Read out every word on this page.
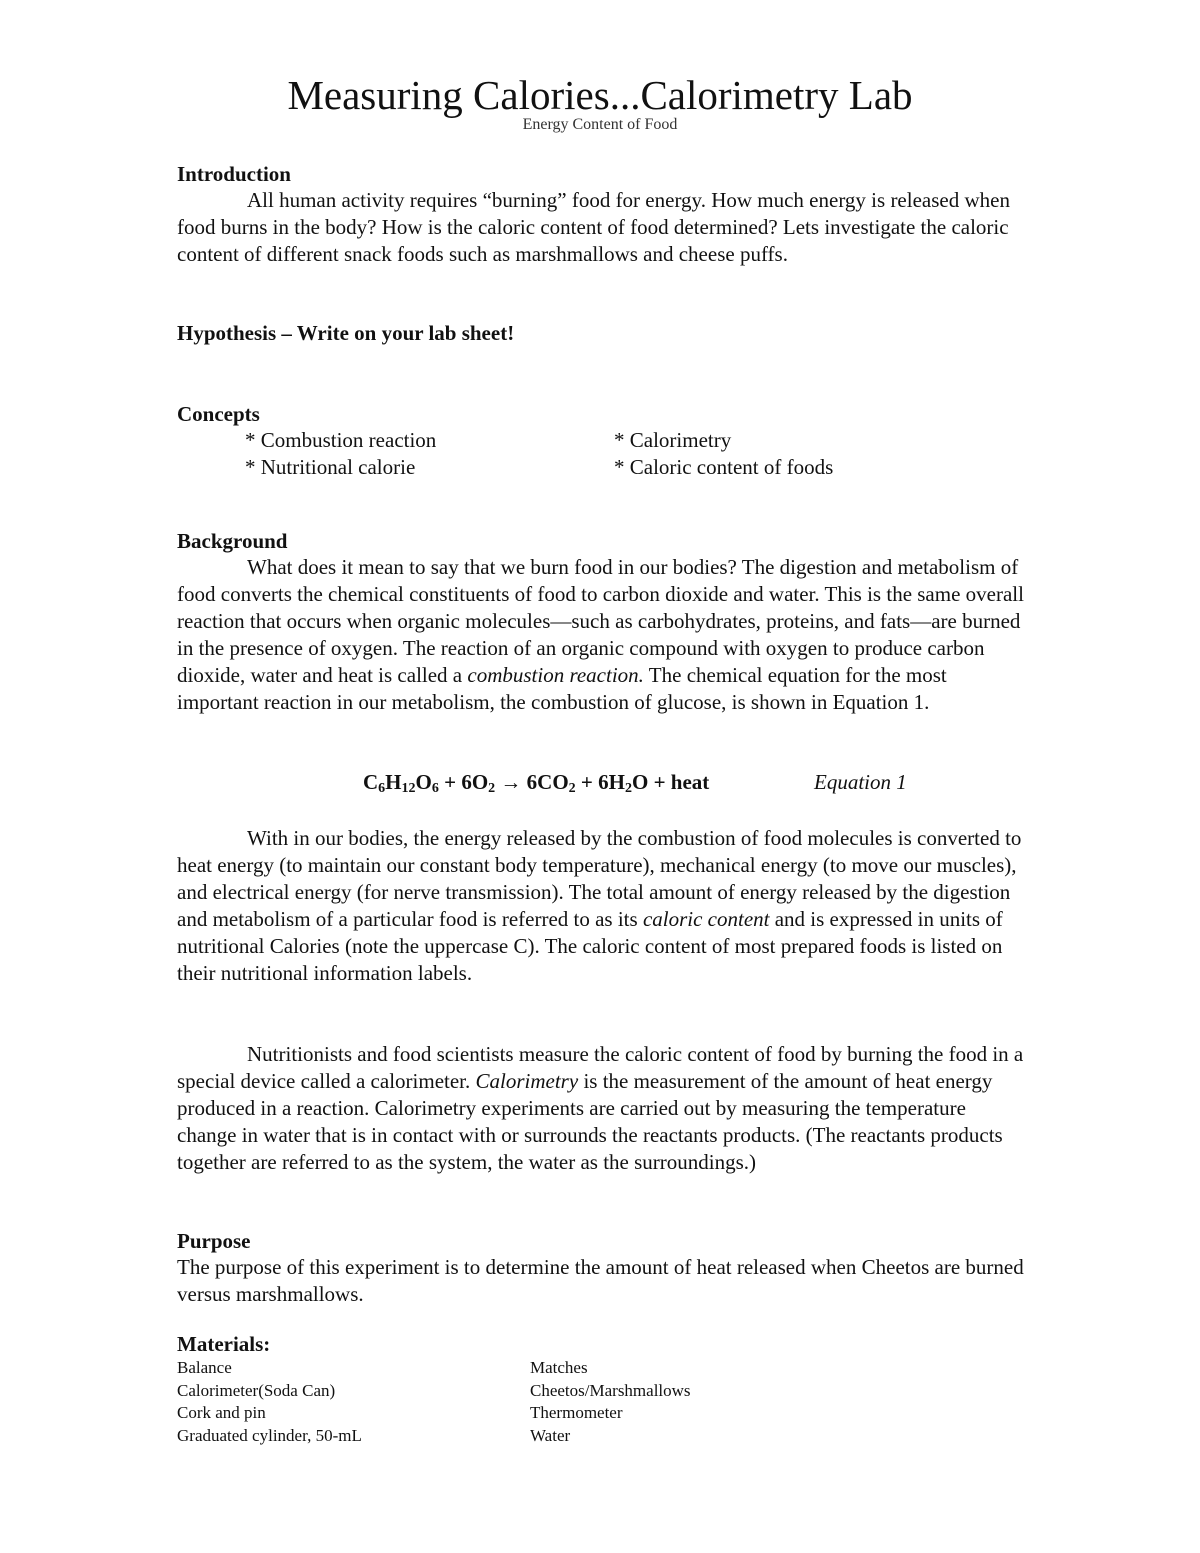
Measuring Calories...Calorimetry Lab
Energy Content of Food
Introduction

All human activity requires “burning” food for energy. How much energy is released when food burns in the body? How is the caloric content of food determined? Lets investigate the caloric content of different snack foods such as marshmallows and cheese puffs.

Hypothesis – Write on your lab sheet!
Concepts
* Combustion reaction
* Nutritional calorie
* Calorimetry
* Caloric content of foods
Background

What does it mean to say that we burn food in our bodies? The digestion and metabolism of food converts the chemical constituents of food to carbon dioxide and water. This is the same overall reaction that occurs when organic molecules—such as carbohydrates, proteins, and fats—are burned in the presence of oxygen. The reaction of an organic compound with oxygen to produce carbon dioxide, water and heat is called a combustion reaction. The chemical equation for the most important reaction in our metabolism, the combustion of glucose, is shown in Equation 1.

$C_6H_{12}O_6 + 6O_2 \to 6CO_2 + 6H_2O$ + heat	Equation 1

With in our bodies, the energy released by the combustion of food molecules is converted to heat energy (to maintain our constant body temperature), mechanical energy (to move our muscles), and electrical energy (for nerve transmission). The total amount of energy released by the digestion and metabolism of a particular food is referred to as its caloric content and is expressed in units of nutritional Calories (note the uppercase C). The caloric content of most prepared foods is listed on their nutritional information labels.

Nutritionists and food scientists measure the caloric content of food by burning the food in a special device called a calorimeter. Calorimetry is the measurement of the amount of heat energy produced in a reaction. Calorimetry experiments are carried out by measuring the temperature change in water that is in contact with or surrounds the reactants products. (The reactants products together are referred to as the system, the water as the surroundings.)

Purpose

The purpose of this experiment is to determine the amount of heat released when Cheetos are burned versus marshmallows.

Materials:
Balance
Calorimeter(Soda Can)
Cork and pin
Graduated cylinder, 50-mL
Matches
Cheetos/Marshmallows
Thermometer
Water
